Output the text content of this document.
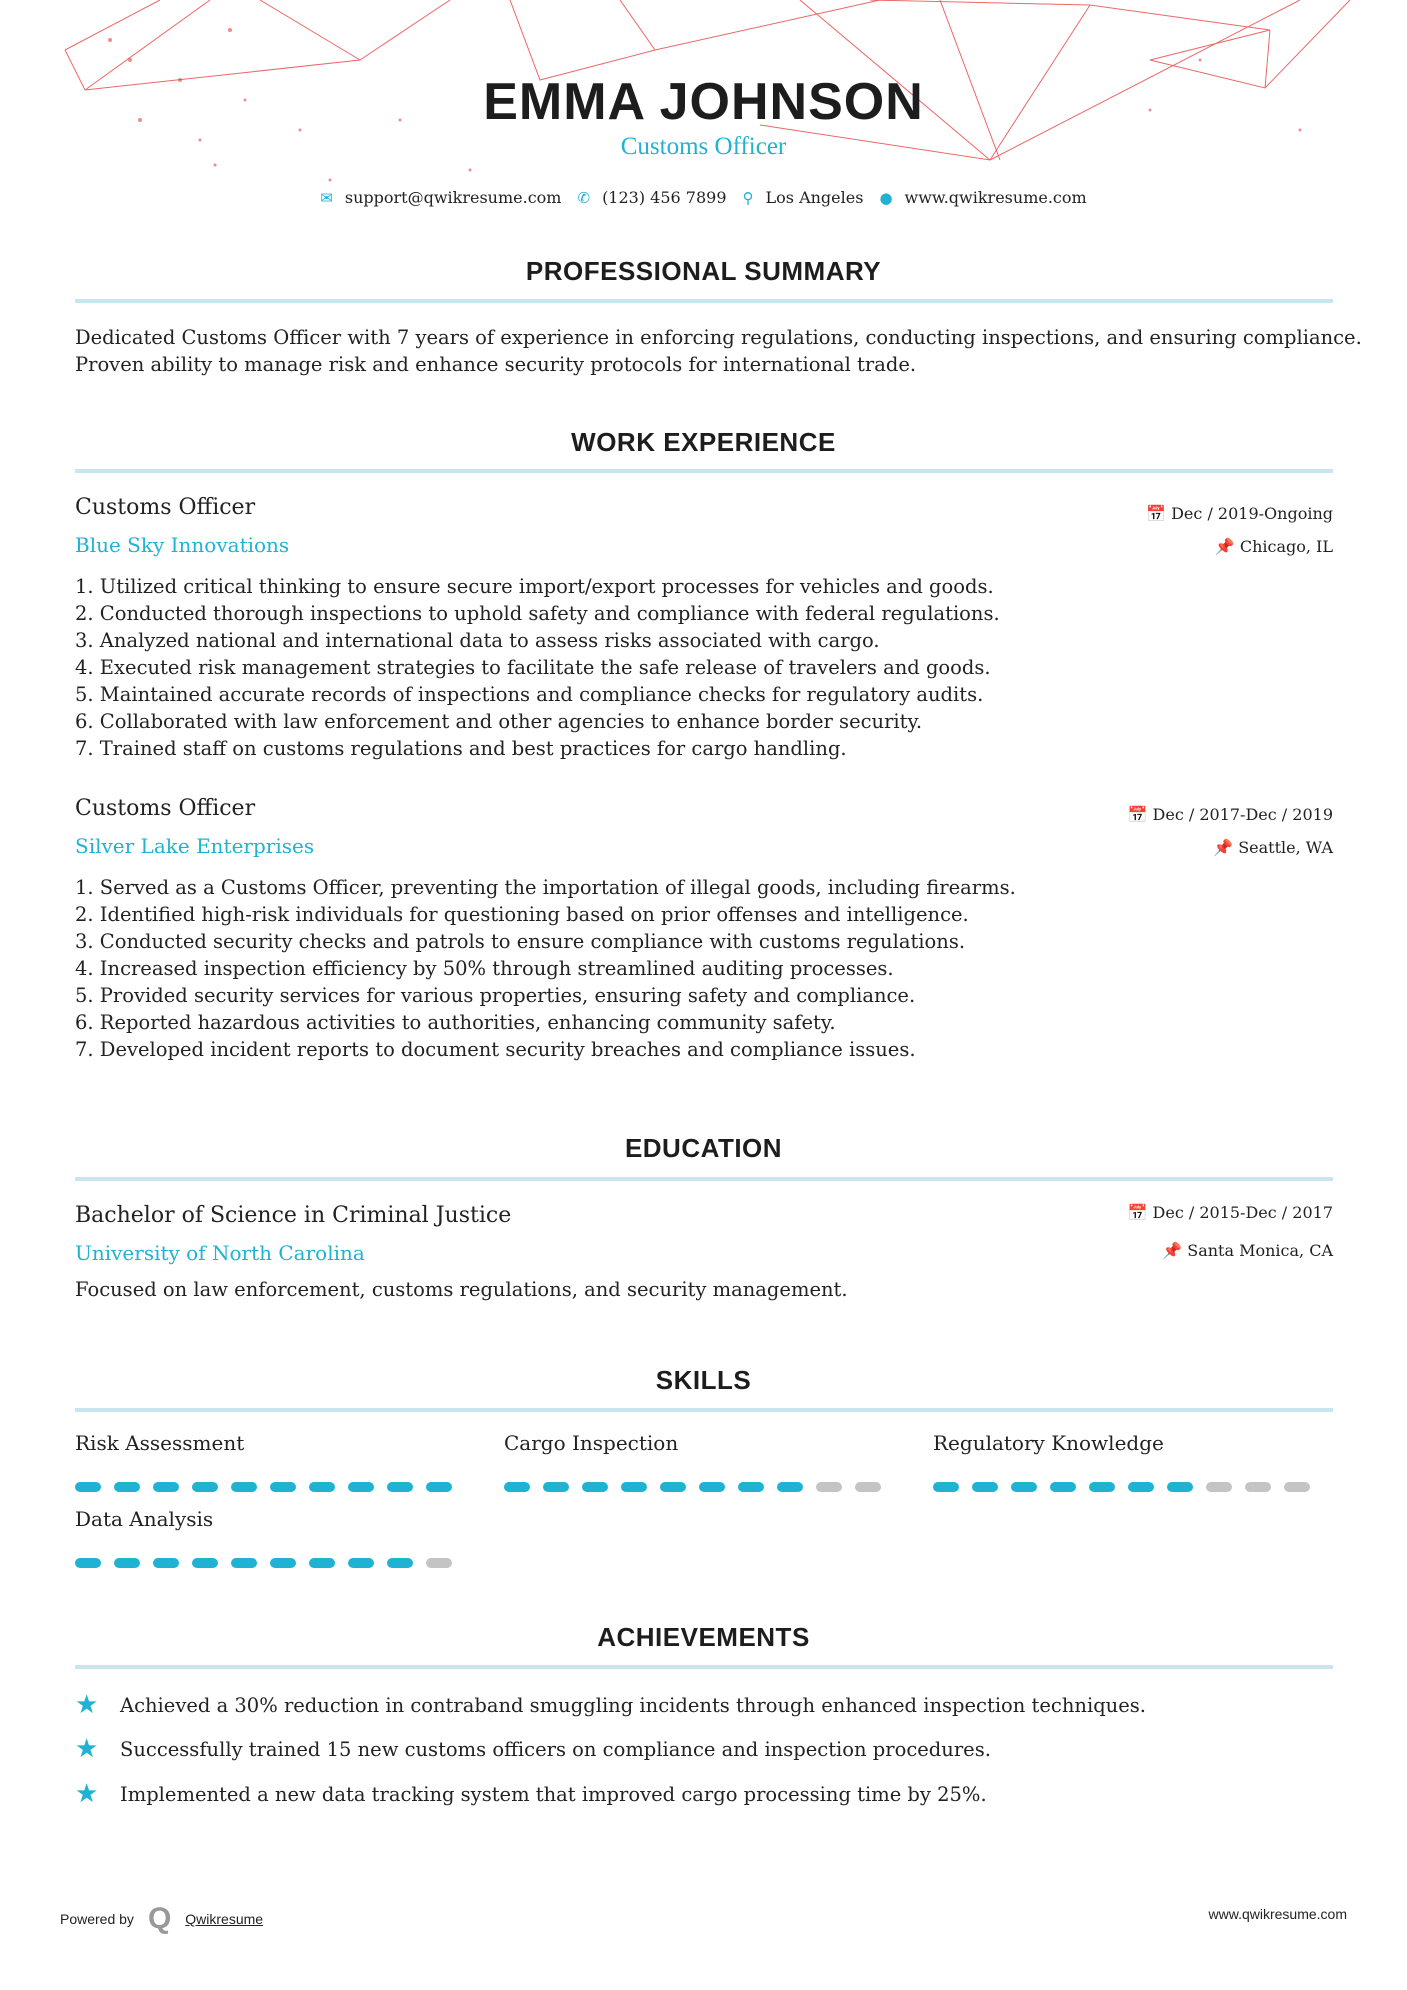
EMMA JOHNSON
Customs Officer
✉ support@qwikresume.com ✆ (123) 456 7899 ⚲ Los Angeles ● www.qwikresume.com
PROFESSIONAL SUMMARY
Dedicated Customs Officer with 7 years of experience in enforcing regulations, conducting inspections, and ensuring compliance.
Proven ability to manage risk and enhance security protocols for international trade.
WORK EXPERIENCE
Customs Officer
Blue Sky Innovations
📅 Dec / 2019-Ongoing
📌 Chicago, IL
1. Utilized critical thinking to ensure secure import/export processes for vehicles and goods.
2. Conducted thorough inspections to uphold safety and compliance with federal regulations.
3. Analyzed national and international data to assess risks associated with cargo.
4. Executed risk management strategies to facilitate the safe release of travelers and goods.
5. Maintained accurate records of inspections and compliance checks for regulatory audits.
6. Collaborated with law enforcement and other agencies to enhance border security.
7. Trained staff on customs regulations and best practices for cargo handling.
Customs Officer
Silver Lake Enterprises
📅 Dec / 2017-Dec / 2019
📌 Seattle, WA
1. Served as a Customs Officer, preventing the importation of illegal goods, including firearms.
2. Identified high-risk individuals for questioning based on prior offenses and intelligence.
3. Conducted security checks and patrols to ensure compliance with customs regulations.
4. Increased inspection efficiency by 50% through streamlined auditing processes.
5. Provided security services for various properties, ensuring safety and compliance.
6. Reported hazardous activities to authorities, enhancing community safety.
7. Developed incident reports to document security breaches and compliance issues.
EDUCATION
Bachelor of Science in Criminal Justice
University of North Carolina
📅 Dec / 2015-Dec / 2017
📌 Santa Monica, CA
Focused on law enforcement, customs regulations, and security management.
SKILLS
Risk Assessment	Cargo Inspection	Regulatory Knowledge
Data Analysis
ACHIEVEMENTS
★	Achieved a 30% reduction in contraband smuggling incidents through enhanced inspection techniques.
★	Successfully trained 15 new customs officers on compliance and inspection procedures.
★	Implemented a new data tracking system that improved cargo processing time by 25%.
Powered by Q Qwikresume	www.qwikresume.com
